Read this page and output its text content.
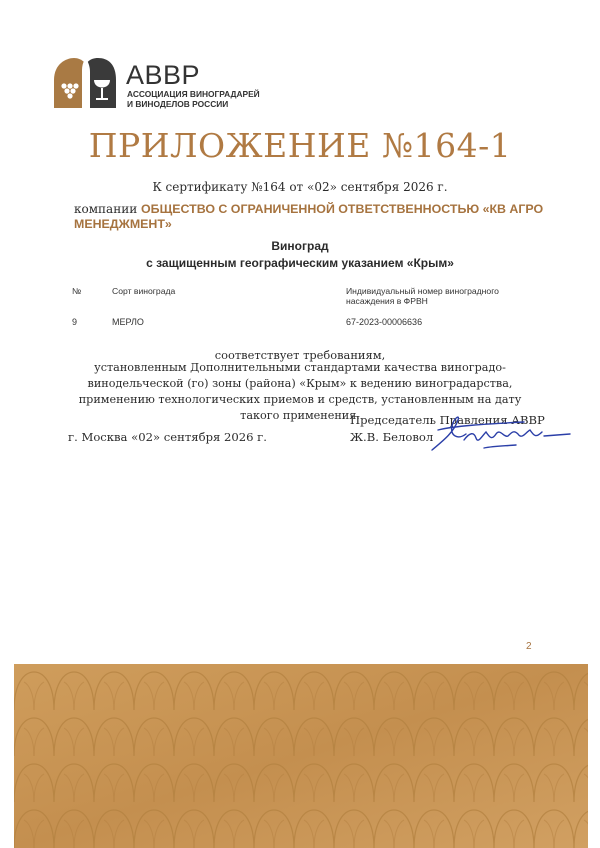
АВВР
АССОЦИАЦИЯ ВИНОГРАДАРЕЙ
И ВИНОДЕЛОВ РОССИИ
ПРИЛОЖЕНИЕ №164-1
К сертификату №164 от «02» сентября 2026 г.
компании ОБЩЕСТВО С ОГРАНИЧЕННОЙ ОТВЕТСТВЕННОСТЬЮ «КВ АГРО МЕНЕДЖМЕНТ»
Виноград
с защищенным географическим указанием «Крым»
№	Сорт винограда	Индивидуальный номер виноградного насаждения в ФРВН
9	МЕРЛО	67-2023-00006636
соответствует требованиям,
установленным Дополнительными стандартами качества виноградо-винодельческой (го) зоны (района) «Крым» к ведению виноградарства, применению технологических приемов и средств, установленным на дату такого применения.
г. Москва «02» сентября 2026 г.
Председатель Правления АВВР
Ж.В. Беловол
2
